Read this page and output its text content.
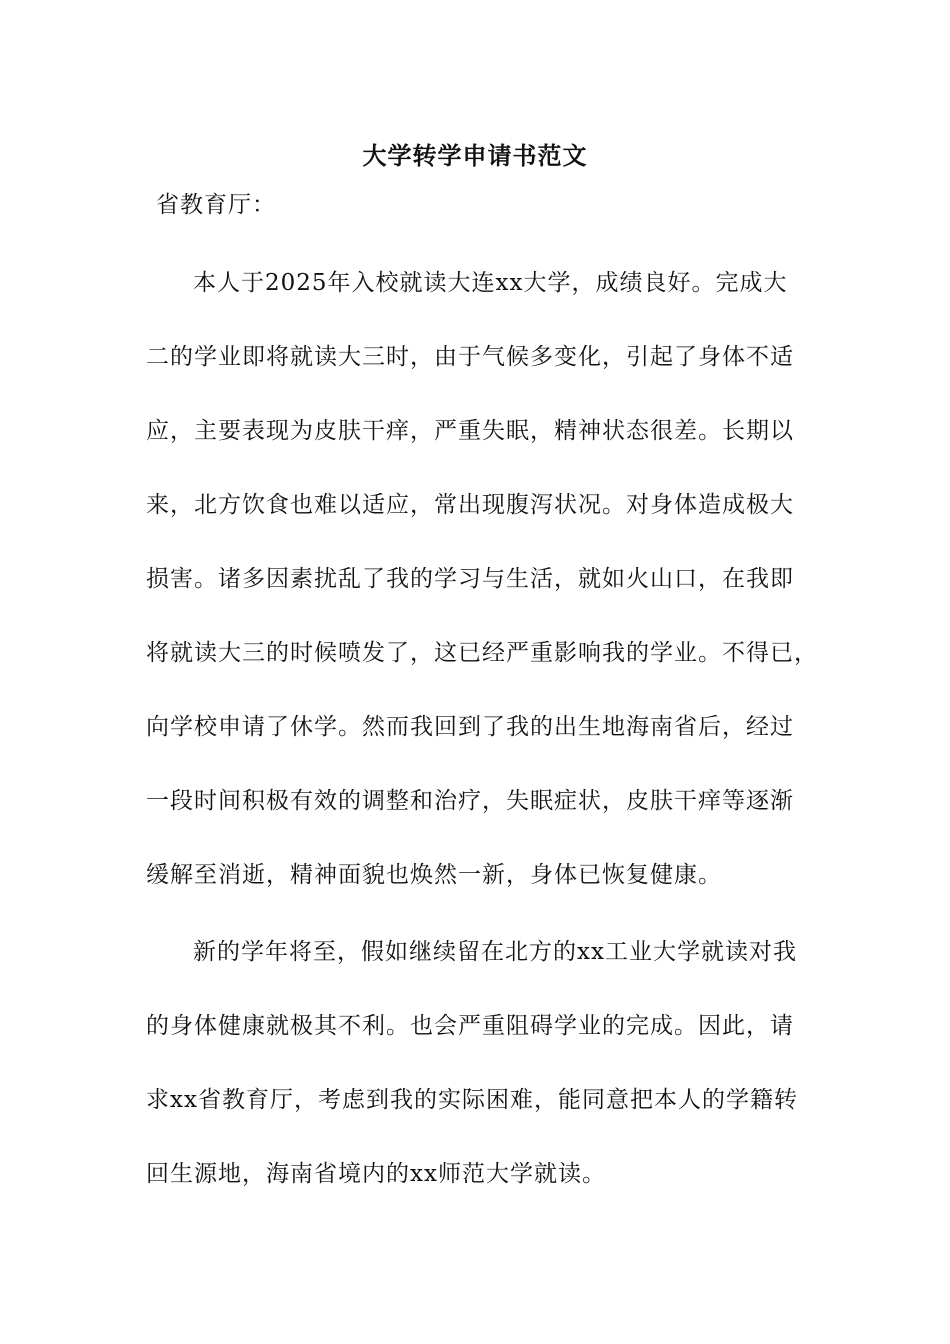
大学转学申请书范文
省教育厅：
本人于2025年入校就读大连xx大学，成绩良好。完成大
二的学业即将就读大三时，由于气候多变化，引起了身体不适
应，主要表现为皮肤干痒，严重失眠，精神状态很差。长期以
来，北方饮食也难以适应，常出现腹泻状况。对身体造成极大
损害。诸多因素扰乱了我的学习与生活，就如火山口，在我即
将就读大三的时候喷发了，这已经严重影响我的学业。不得已，
向学校申请了休学。然而我回到了我的出生地海南省后，经过
一段时间积极有效的调整和治疗，失眠症状，皮肤干痒等逐渐
缓解至消逝，精神面貌也焕然一新，身体已恢复健康。
新的学年将至，假如继续留在北方的xx工业大学就读对我
的身体健康就极其不利。也会严重阻碍学业的完成。因此，请
求xx省教育厅，考虑到我的实际困难，能同意把本人的学籍转
回生源地，海南省境内的xx师范大学就读。
